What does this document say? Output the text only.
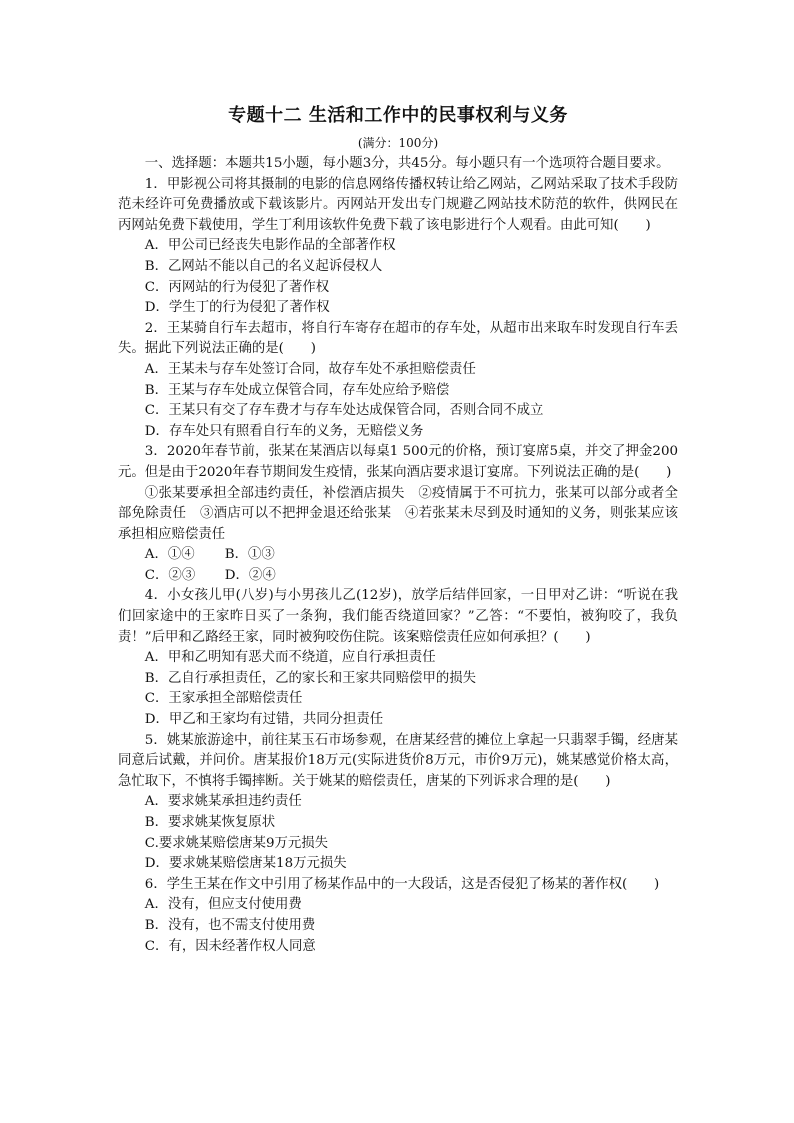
专题十二 生活和工作中的民事权利与义务
(满分：100分)
一、选择题：本题共15小题，每小题3分，共45分。每小题只有一个选项符合题目要求。
1．甲影视公司将其摄制的电影的信息网络传播权转让给乙网站，乙网站采取了技术手段防范未经许可免费播放或下载该影片。丙网站开发出专门规避乙网站技术防范的软件，供网民在丙网站免费下载使用，学生丁利用该软件免费下载了该电影进行个人观看。由此可知(　　)
A．甲公司已经丧失电影作品的全部著作权
B．乙网站不能以自己的名义起诉侵权人
C．丙网站的行为侵犯了著作权
D．学生丁的行为侵犯了著作权
2．王某骑自行车去超市，将自行车寄存在超市的存车处，从超市出来取车时发现自行车丢失。据此下列说法正确的是(　　)
A．王某未与存车处签订合同，故存车处不承担赔偿责任
B．王某与存车处成立保管合同，存车处应给予赔偿
C．王某只有交了存车费才与存车处达成保管合同，否则合同不成立
D．存车处只有照看自行车的义务，无赔偿义务
3．2020年春节前，张某在某酒店以每桌1 500元的价格，预订宴席5桌，并交了押金200元。但是由于2020年春节期间发生疫情，张某向酒店要求退订宴席。下列说法正确的是(　　)
①张某要承担全部违约责任，补偿酒店损失　②疫情属于不可抗力，张某可以部分或者全部免除责任　③酒店可以不把押金退还给张某　④若张某未尽到及时通知的义务，则张某应该承担相应赔偿责任
A．①④	B．①③
C．②③	D．②④
4．小女孩儿甲(八岁)与小男孩儿乙(12岁)，放学后结伴回家，一日甲对乙讲：“听说在我们回家途中的王家昨日买了一条狗，我们能否绕道回家？”乙答：“不要怕，被狗咬了，我负责！”后甲和乙路经王家，同时被狗咬伤住院。该案赔偿责任应如何承担？(　　)
A．甲和乙明知有恶犬而不绕道，应自行承担责任
B．乙自行承担责任，乙的家长和王家共同赔偿甲的损失
C．王家承担全部赔偿责任
D．甲乙和王家均有过错，共同分担责任
5．姚某旅游途中，前往某玉石市场参观，在唐某经营的摊位上拿起一只翡翠手镯，经唐某同意后试戴，并问价。唐某报价18万元(实际进货价8万元，市价9万元)，姚某感觉价格太高，急忙取下，不慎将手镯摔断。关于姚某的赔偿责任，唐某的下列诉求合理的是(　　)
A．要求姚某承担违约责任
B．要求姚某恢复原状
C.要求姚某赔偿唐某9万元损失
D．要求姚某赔偿唐某18万元损失
6．学生王某在作文中引用了杨某作品中的一大段话，这是否侵犯了杨某的著作权(　　)
A．没有，但应支付使用费
B．没有，也不需支付使用费
C．有，因未经著作权人同意
